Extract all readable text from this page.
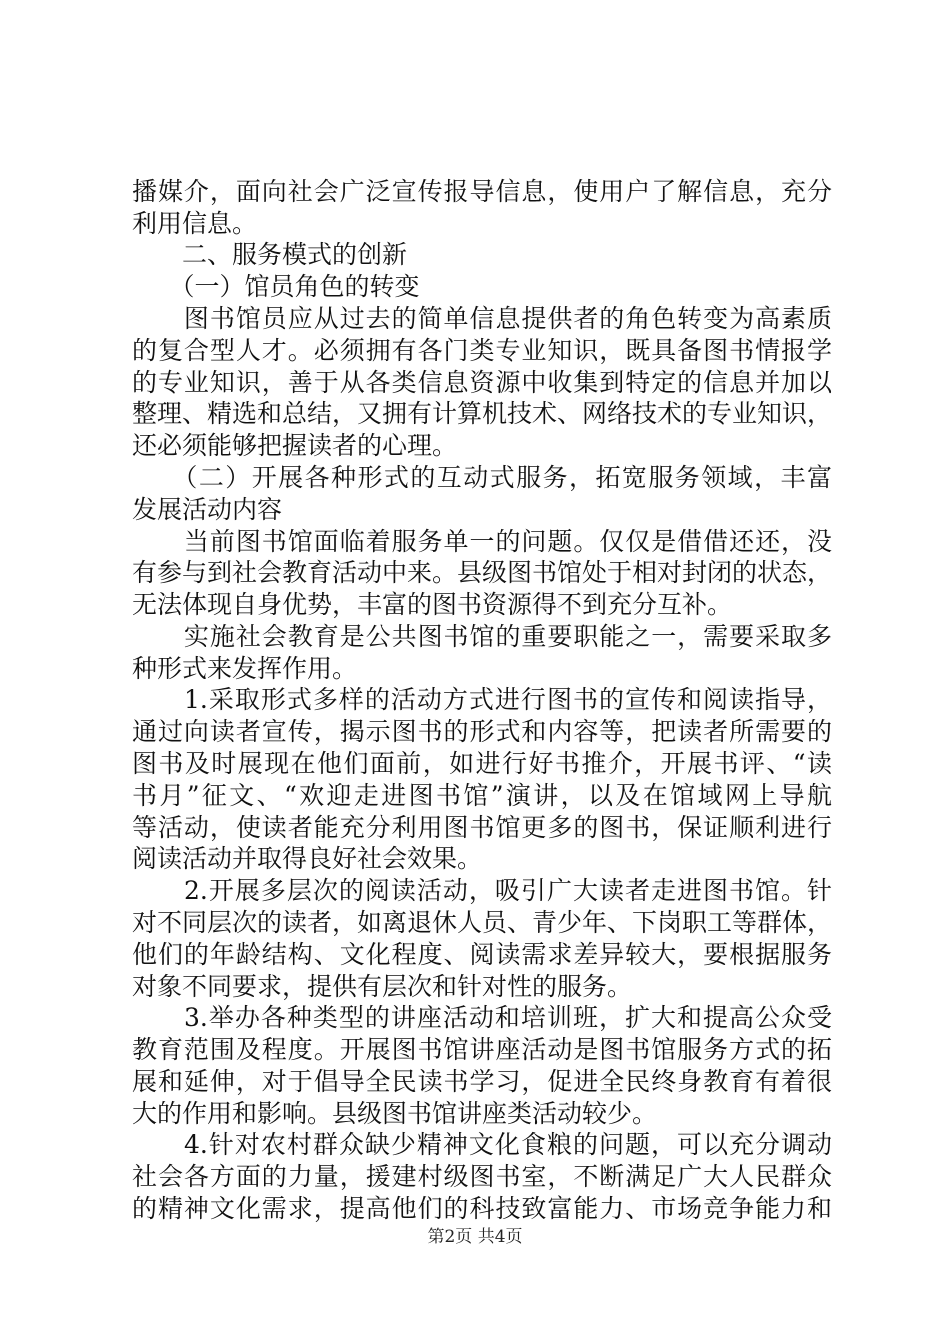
播媒介，面向社会广泛宣传报导信息，使用户了解信息，充分
利用信息。
　　二、服务模式的创新
　　（一）馆员角色的转变
　　图书馆员应从过去的简单信息提供者的角色转变为高素质
的复合型人才。必须拥有各门类专业知识，既具备图书情报学
的专业知识，善于从各类信息资源中收集到特定的信息并加以
整理、精选和总结，又拥有计算机技术、网络技术的专业知识，
还必须能够把握读者的心理。
　　（二）开展各种形式的互动式服务，拓宽服务领域，丰富
发展活动内容
　　当前图书馆面临着服务单一的问题。仅仅是借借还还，没
有参与到社会教育活动中来。县级图书馆处于相对封闭的状态，
无法体现自身优势，丰富的图书资源得不到充分互补。
　　实施社会教育是公共图书馆的重要职能之一，需要采取多
种形式来发挥作用。
　　1.采取形式多样的活动方式进行图书的宣传和阅读指导，
通过向读者宣传，揭示图书的形式和内容等，把读者所需要的
图书及时展现在他们面前，如进行好书推介，开展书评、“读
书月”征文、“欢迎走进图书馆”演讲，以及在馆域网上导航
等活动，使读者能充分利用图书馆更多的图书，保证顺利进行
阅读活动并取得良好社会效果。
　　2.开展多层次的阅读活动，吸引广大读者走进图书馆。针
对不同层次的读者，如离退休人员、青少年、下岗职工等群体，
他们的年龄结构、文化程度、阅读需求差异较大，要根据服务
对象不同要求，提供有层次和针对性的服务。
　　3.举办各种类型的讲座活动和培训班，扩大和提高公众受
教育范围及程度。开展图书馆讲座活动是图书馆服务方式的拓
展和延伸，对于倡导全民读书学习，促进全民终身教育有着很
大的作用和影响。县级图书馆讲座类活动较少。
　　4.针对农村群众缺少精神文化食粮的问题，可以充分调动
社会各方面的力量，援建村级图书室，不断满足广大人民群众
的精神文化需求，提高他们的科技致富能力、市场竞争能力和
第2页 共4页
